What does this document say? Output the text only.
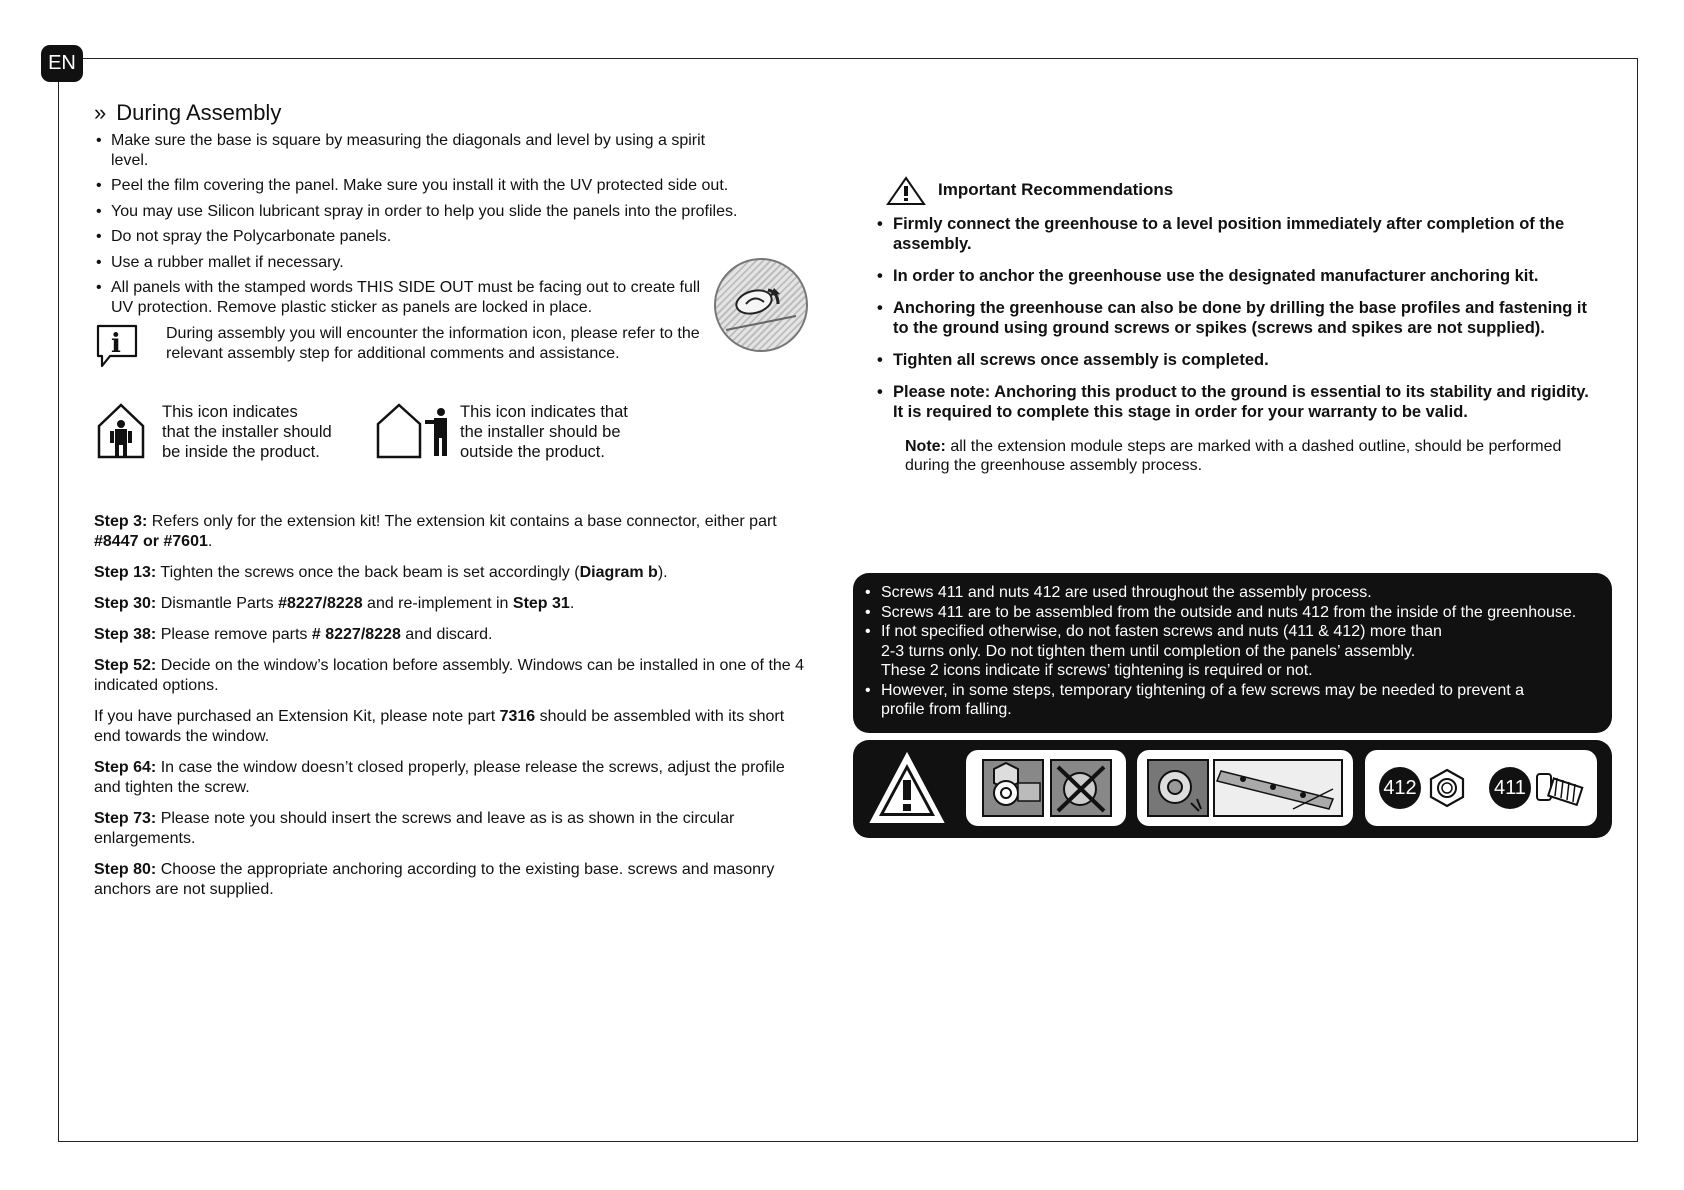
EN
» During Assembly
• Make sure the base is square by measuring the diagonals and level by using a spirit level.
• Peel the film covering the panel. Make sure you install it with the UV protected side out.
• You may use Silicon lubricant spray in order to help you slide the panels into the profiles.
• Do not spray the Polycarbonate panels.
• Use a rubber mallet if necessary.
• All panels with the stamped words THIS SIDE OUT must be facing out to create full UV protection. Remove plastic sticker as panels are locked in place.
i	During assembly you will encounter the information icon, please refer to the relevant assembly step for additional comments and assistance.
This icon indicates
that the installer should
be inside the product.
This icon indicates that
the installer should be
outside the product.

Step 3: Refers only for the extension kit! The extension kit contains a base connector, either part #8447 or #7601.

Step 13: Tighten the screws once the back beam is set accordingly (Diagram b).

Step 30: Dismantle Parts #8227/8228 and re-implement in Step 31.

Step 38: Please remove parts # 8227/8228 and discard.

Step 52: Decide on the window’s location before assembly. Windows can be installed in one of the 4 indicated options.

If you have purchased an Extension Kit, please note part 7316 should be assembled with its short end towards the window.

Step 64: In case the window doesn’t closed properly, please release the screws, adjust the profile and tighten the screw.

Step 73: Please note you should insert the screws and leave as is as shown in the circular enlargements.

Step 80: Choose the appropriate anchoring according to the existing base. screws and masonry anchors are not supplied.

Important Recommendations
• Firmly connect the greenhouse to a level position immediately after completion of the assembly.
• In order to anchor the greenhouse use the designated manufacturer anchoring kit.
• Anchoring the greenhouse can also be done by drilling the base profiles and fastening it to the ground using ground screws or spikes (screws and spikes are not supplied).
• Tighten all screws once assembly is completed.
• Please note: Anchoring this product to the ground is essential to its stability and rigidity.
It is required to complete this stage in order for your warranty to be valid.
Note: all the extension module steps are marked with a dashed outline, should be performed during the greenhouse assembly process.
• Screws 411 and nuts 412 are used throughout the assembly process.
• Screws 411 are to be assembled from the outside and nuts 412 from the inside of the greenhouse.
• If not specified otherwise, do not fasten screws and nuts (411 & 412) more than
2-3 turns only. Do not tighten them until completion of the panels’ assembly.
These 2 icons indicate if screws’ tightening is required or not.
• However, in some steps, temporary tightening of a few screws may be needed to prevent a
profile from falling.
412	411
